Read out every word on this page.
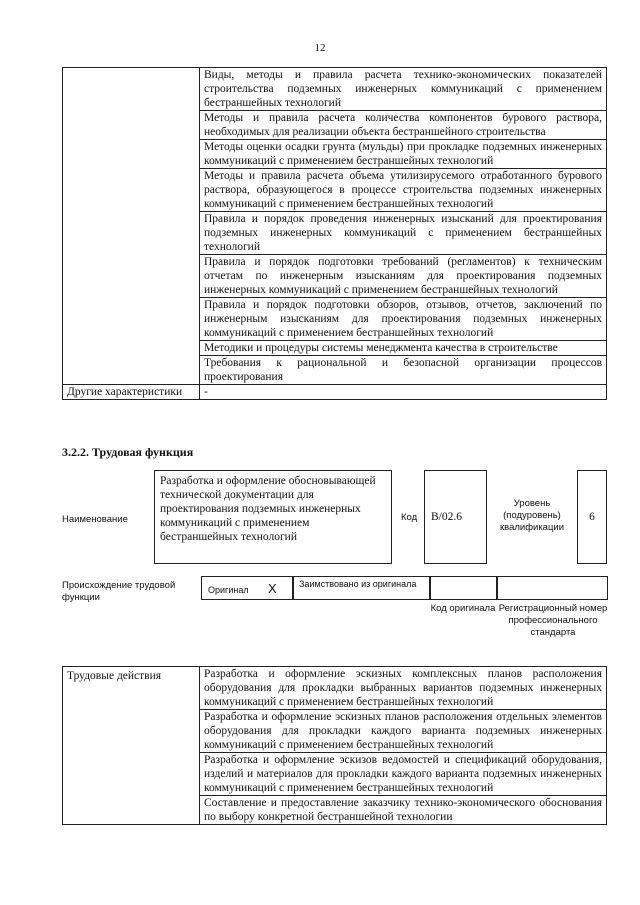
12
	Виды, методы и правила расчета технико-экономических показателей строительства подземных инженерных коммуникаций с применением бестраншейных технологий
	Методы и правила расчета количества компонентов бурового раствора, необходимых для реализации объекта бестраншейного строительства
	Методы оценки осадки грунта (мульды) при прокладке подземных инженерных коммуникаций с применением бестраншейных технологий
	Методы и правила расчета объема утилизирусемого отработанного бурового раствора, образующегося в процессе строительства подземных инженерных коммуникаций с применением бестраншейных технологий
	Правила и порядок проведения инженерных изысканий для проектирования подземных инженерных коммуникаций с применением бестраншейных технологий
	Правила и порядок подготовки требований (регламентов) к техническим отчетам по инженерным изысканиям для проектирования подземных инженерных коммуникаций с применением бестраншейных технологий
	Правила и порядок подготовки обзоров, отзывов, отчетов, заключений по инженерным изысканиям для проектирования подземных инженерных коммуникаций с применением бестраншейных технологий
	Методики и процедуры системы менеджмента качества в строительстве
	Требования к рациональной и безопасной организации процессов проектирования
Другие характеристики	-
3.2.2. Трудовая функция
Наименование
Разработка и оформление обосновывающей технической документации для проектирования подземных инженерных коммуникаций с применением бестраншейных технологий
Код	B/02.6
Уровень (подуровень) квалификации
6
Происхождение трудовой функции
Оригинал X Заимствовано из оригинала
Код оригинала Регистрационный номер профессионального стандарта
Трудовые действия	Разработка и оформление эскизных комплексных планов расположения оборудования для прокладки выбранных вариантов подземных инженерных коммуникаций с применением бестраншейных технологий
Разработка и оформление эскизных планов расположения отдельных элементов оборудования для прокладки каждого варианта подземных инженерных коммуникаций с применением бестраншейных технологий
Разработка и оформление эскизов ведомостей и спецификаций оборудования, изделий и материалов для прокладки каждого варианта подземных инженерных коммуникаций с применением бестраншейных технологий
Составление и предоставление заказчику технико-экономического обоснования по выбору конкретной бестраншейной технологии
